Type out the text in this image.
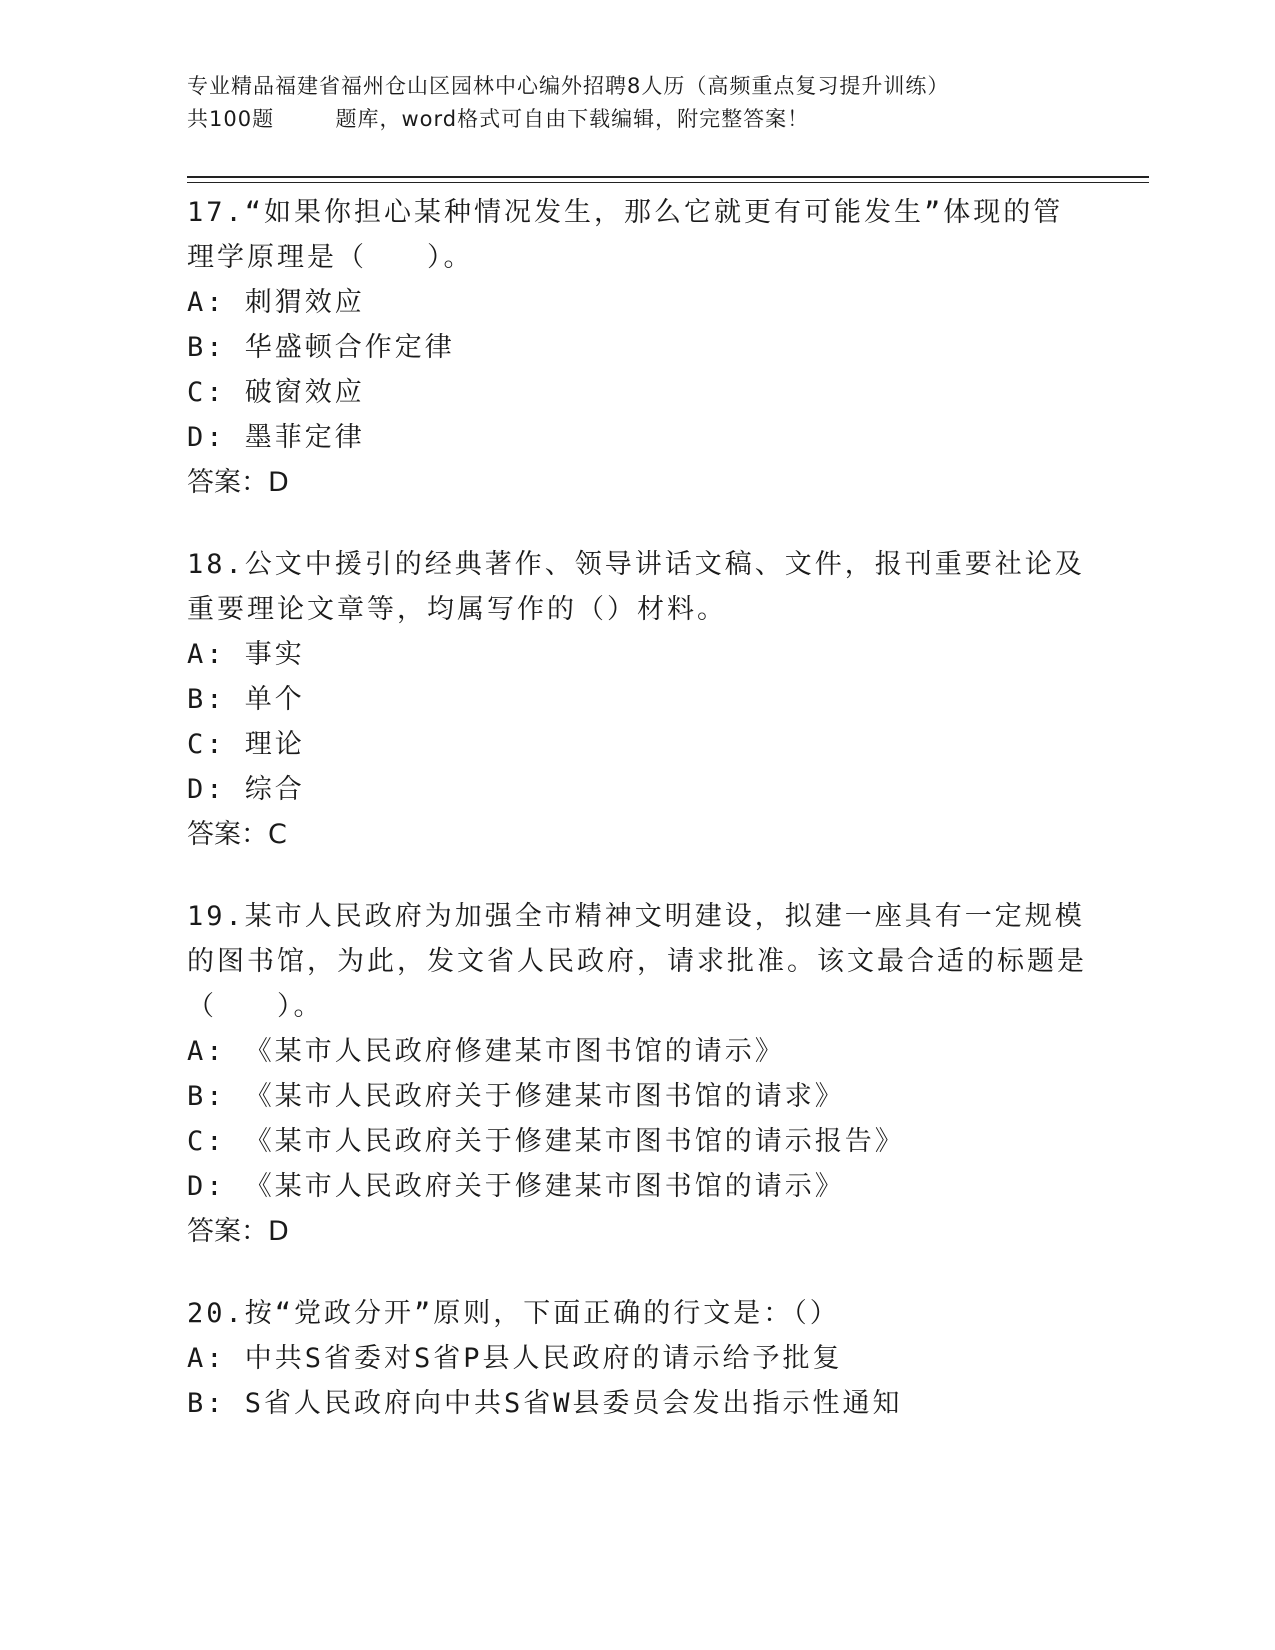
专业精品福建省福州仓山区园林中心编外招聘8人历（高频重点复习提升训练）
共100题        题库，word格式可自由下载编辑，附完整答案！

17.“如果你担心某种情况发生，那么它就更有可能发生”体现的管理学原理是（　　）。

A: 刺猬效应

B: 华盛顿合作定律

C: 破窗效应

D: 墨菲定律

答案：D

18.公文中援引的经典著作、领导讲话文稿、文件，报刊重要社论及重要理论文章等，均属写作的（）材料。

A: 事实

B: 单个

C: 理论

D: 综合

答案：C

19.某市人民政府为加强全市精神文明建设，拟建一座具有一定规模的图书馆，为此，发文省人民政府，请求批准。该文最合适的标题是（　　）。

A: 《某市人民政府修建某市图书馆的请示》

B: 《某市人民政府关于修建某市图书馆的请求》

C: 《某市人民政府关于修建某市图书馆的请示报告》

D: 《某市人民政府关于修建某市图书馆的请示》

答案：D

20.按“党政分开”原则，下面正确的行文是：（）

A: 中共S省委对S省P县人民政府的请示给予批复

B: S省人民政府向中共S省W县委员会发出指示性通知
